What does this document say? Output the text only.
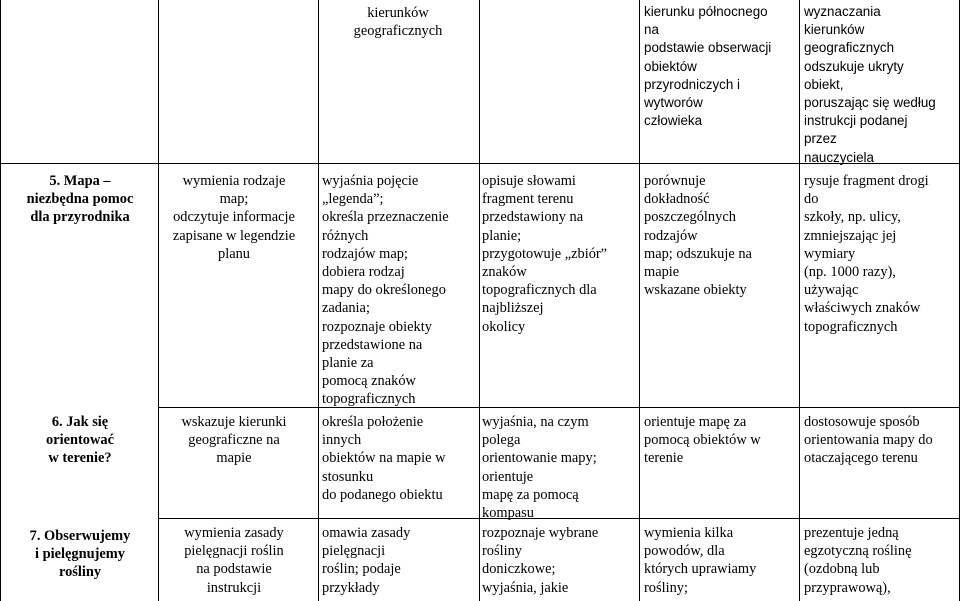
kierunków
geograficznych
kierunku północnego
na
podstawie obserwacji
obiektów
przyrodniczych i
wytworów
człowieka
wyznaczania
kierunków
geograficznych
odszukuje ukryty
obiekt,
poruszając się według
instrukcji podanej
przez
nauczyciela
5. Mapa –
niezbędna pomoc
dla przyrodnika
6. Jak się
orientować
w terenie?
7. Obserwujemy
i pielęgnujemy
rośliny
wymienia rodzaje
map;
odczytuje informacje
zapisane w legendzie
planu
wskazuje kierunki
geograficzne na
mapie
wymienia zasady
pielęgnacji roślin
na podstawie
instrukcji
wyjaśnia pojęcie
„legenda”;
określa przeznaczenie
różnych
rodzajów map;
dobiera rodzaj
mapy do określonego
zadania;
rozpoznaje obiekty
przedstawione na
planie za
pomocą znaków
topograficznych
określa położenie
innych
obiektów na mapie w
stosunku
do podanego obiektu
omawia zasady
pielęgnacji
roślin; podaje
przykłady
opisuje słowami
fragment terenu
przedstawiony na
planie;
przygotowuje „zbiór”
znaków
topograficznych dla
najbliższej
okolicy
wyjaśnia, na czym
polega
orientowanie mapy;
orientuje
mapę za pomocą
kompasu
rozpoznaje wybrane
rośliny
doniczkowe;
wyjaśnia, jakie
porównuje
dokładność
poszczególnych
rodzajów
map; odszukuje na
mapie
wskazane obiekty
orientuje mapę za
pomocą obiektów w
terenie
wymienia kilka
powodów, dla
których uprawiamy
rośliny;
rysuje fragment drogi
do
szkoły, np. ulicy,
zmniejszając jej
wymiary
(np. 1000 razy),
używając
właściwych znaków
topograficznych
dostosowuje sposób
orientowania mapy do
otaczającego terenu
prezentuje jedną
egzotyczną roślinę
(ozdobną lub
przyprawową),
